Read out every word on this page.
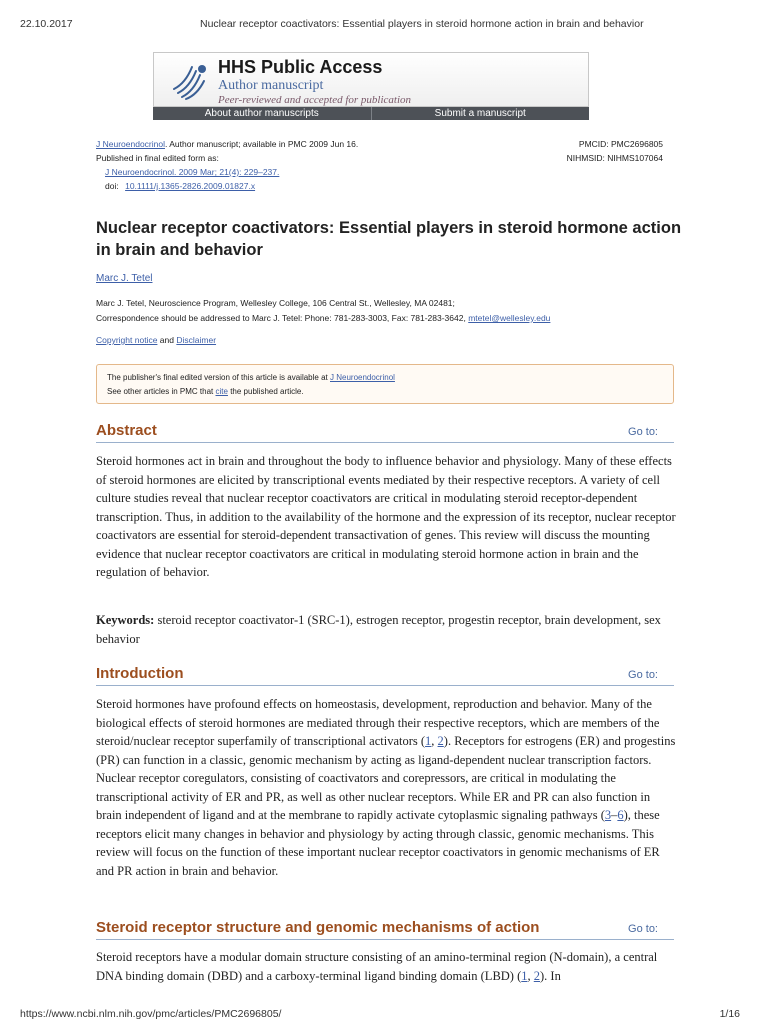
22.10.2017	Nuclear receptor coactivators: Essential players in steroid hormone action in brain and behavior
HHS Public Access
Author manuscript
Peer-reviewed and accepted for publication
About author manuscripts	Submit a manuscript
J Neuroendocrinol. Author manuscript; available in PMC 2009 Jun 16.
Published in final edited form as:
J Neuroendocrinol. 2009 Mar; 21(4): 229–237.
doi: 10.1111/j.1365-2826.2009.01827.x
PMCID: PMC2696805
NIHMSID: NIHMS107064
Nuclear receptor coactivators: Essential players in steroid hormone action in brain and behavior
Marc J. Tetel
Marc J. Tetel, Neuroscience Program, Wellesley College, 106 Central St., Wellesley, MA 02481;
Correspondence should be addressed to Marc J. Tetel: Phone: 781-283-3003, Fax: 781-283-3642, mtetel@wellesley.edu
Copyright notice and Disclaimer
The publisher's final edited version of this article is available at J Neuroendocrinol
See other articles in PMC that cite the published article.
Abstract	Go to:
Steroid hormones act in brain and throughout the body to influence behavior and physiology. Many of these effects of steroid hormones are elicited by transcriptional events mediated by their respective receptors. A variety of cell culture studies reveal that nuclear receptor coactivators are critical in modulating steroid receptor-dependent transcription. Thus, in addition to the availability of the hormone and the expression of its receptor, nuclear receptor coactivators are essential for steroid-dependent transactivation of genes. This review will discuss the mounting evidence that nuclear receptor coactivators are critical in modulating steroid hormone action in brain and the regulation of behavior.
Keywords: steroid receptor coactivator-1 (SRC-1), estrogen receptor, progestin receptor, brain development, sex behavior
Introduction	Go to:
Steroid hormones have profound effects on homeostasis, development, reproduction and behavior. Many of the biological effects of steroid hormones are mediated through their respective receptors, which are members of the steroid/nuclear receptor superfamily of transcriptional activators (1, 2). Receptors for estrogens (ER) and progestins (PR) can function in a classic, genomic mechanism by acting as ligand-dependent nuclear transcription factors. Nuclear receptor coregulators, consisting of coactivators and corepressors, are critical in modulating the transcriptional activity of ER and PR, as well as other nuclear receptors. While ER and PR can also function in brain independent of ligand and at the membrane to rapidly activate cytoplasmic signaling pathways (3–6), these receptors elicit many changes in behavior and physiology by acting through classic, genomic mechanisms. This review will focus on the function of these important nuclear receptor coactivators in genomic mechanisms of ER and PR action in brain and behavior.
Steroid receptor structure and genomic mechanisms of action	Go to:
Steroid receptors have a modular domain structure consisting of an amino-terminal region (N-domain), a central DNA binding domain (DBD) and a carboxy-terminal ligand binding domain (LBD) (1, 2). In
https://www.ncbi.nlm.nih.gov/pmc/articles/PMC2696805/	1/16
